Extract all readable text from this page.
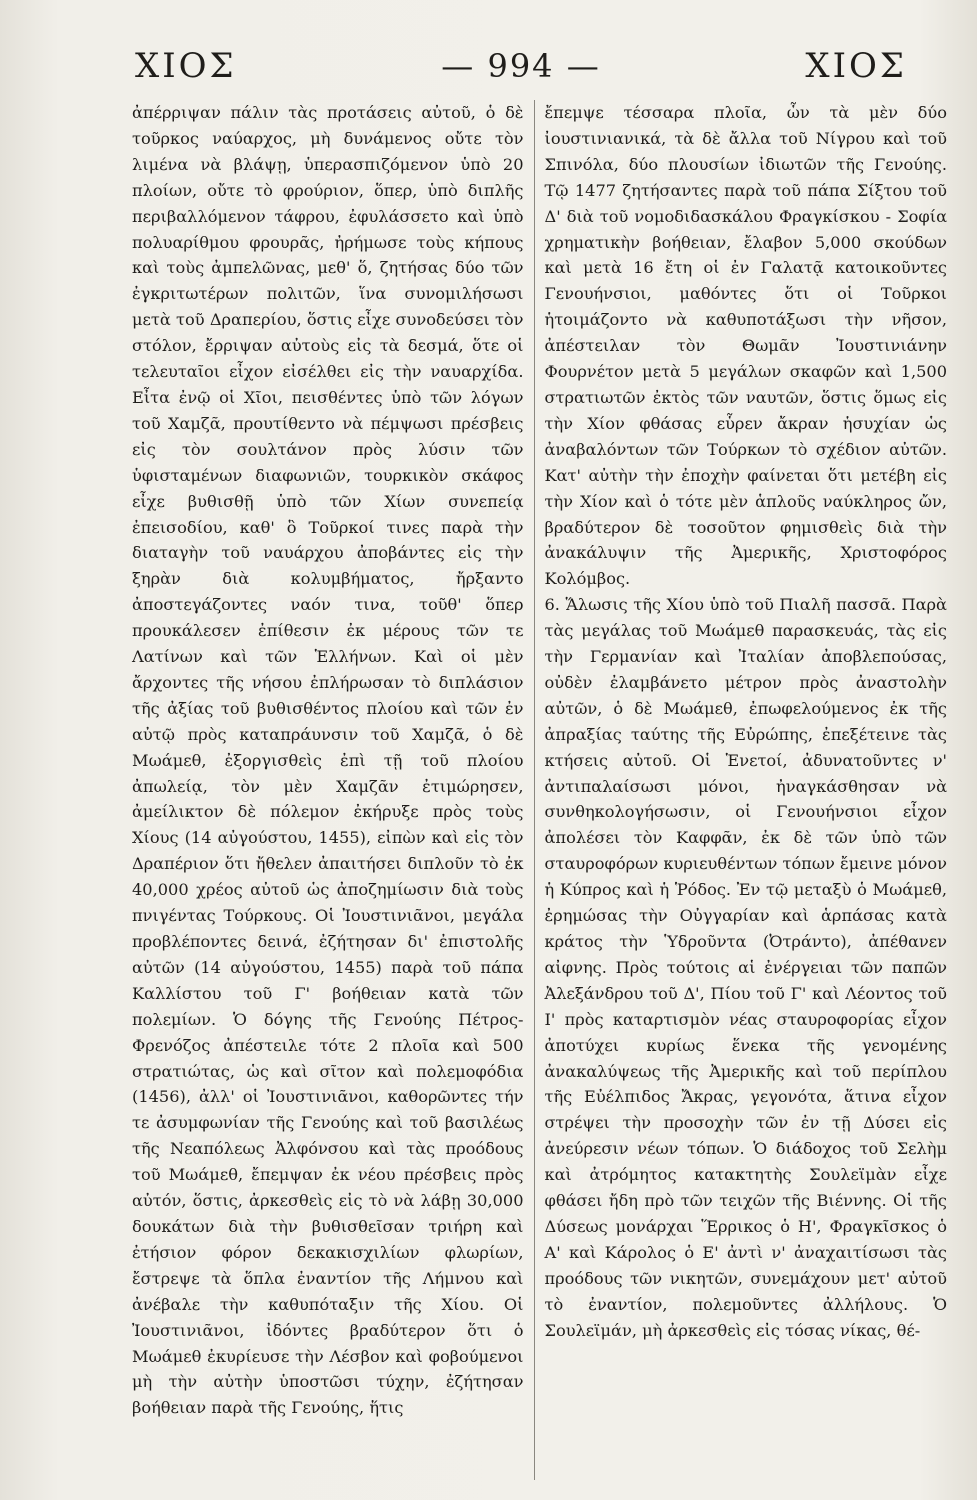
ΧΙΟΣ	— 994 —	ΧΙΟΣ

ἀπέρριψαν πάλιν τὰς προτάσεις αὐτοῦ, ὁ δὲ τοῦρκος ναύαρχος, μὴ δυνάμενος οὔτε τὸν λιμένα νὰ βλάψῃ, ὑπερασπιζόμενον ὑπὸ 20 πλοίων, οὔτε τὸ φρούριον, ὅπερ, ὑπὸ διπλῆς περιβαλλόμενον τάφρου, ἐφυλάσσετο καὶ ὑπὸ πολυαρίθμου φρουρᾶς, ἠρήμωσε τοὺς κήπους καὶ τοὺς ἀμπελῶνας, μεθ' ὅ, ζητήσας δύο τῶν ἐγκριτωτέρων πολιτῶν, ἵνα συνομιλήσωσι μετὰ τοῦ Δραπερίου, ὅστις εἶχε συνοδεύσει τὸν στόλον, ἔρριψαν αὐτοὺς εἰς τὰ δεσμά, ὅτε οἱ τελευταῖοι εἶχον εἰσέλθει εἰς τὴν ναυαρχίδα. Εἶτα ἐνῷ οἱ Χῖοι, πεισθέντες ὑπὸ τῶν λόγων τοῦ Χαμζᾶ, προυτίθεντο νὰ πέμψωσι πρέσβεις εἰς τὸν σουλτάνον πρὸς λύσιν τῶν ὑφισταμένων διαφωνιῶν, τουρκικὸν σκάφος εἶχε βυθισθῇ ὑπὸ τῶν Χίων συνεπείᾳ ἐπεισοδίου, καθ' ὃ Τοῦρκοί τινες παρὰ τὴν διαταγὴν τοῦ ναυάρχου ἀποβάντες εἰς τὴν ξηρὰν διὰ κολυμβήματος, ἤρξαντο ἀποστεγάζοντες ναόν τινα, τοῦθ' ὅπερ προυκάλεσεν ἐπίθεσιν ἐκ μέρους τῶν τε Λατίνων καὶ τῶν Ἑλλήνων. Καὶ οἱ μὲν ἄρχοντες τῆς νήσου ἐπλήρωσαν τὸ διπλάσιον τῆς ἀξίας τοῦ βυθισθέντος πλοίου καὶ τῶν ἐν αὐτῷ πρὸς καταπράυνσιν τοῦ Χαμζᾶ, ὁ δὲ Μωάμεθ, ἐξοργισθεὶς ἐπὶ τῇ τοῦ πλοίου ἀπωλείᾳ, τὸν μὲν Χαμζᾶν ἐτιμώρησεν, ἀμείλικτον δὲ πόλεμον ἐκήρυξε πρὸς τοὺς Χίους (14 αὐγούστου, 1455), εἰπὼν καὶ εἰς τὸν Δραπέριον ὅτι ἤθελεν ἀπαιτήσει διπλοῦν τὸ ἐκ 40,000 χρέος αὐτοῦ ὡς ἀποζημίωσιν διὰ τοὺς πνιγέντας Τούρκους. Οἱ Ἰουστινιᾶνοι, μεγάλα προβλέποντες δεινά, ἐζήτησαν δι' ἐπιστολῆς αὐτῶν (14 αὐγούστου, 1455) παρὰ τοῦ πάπα Καλλίστου τοῦ Γ' βοήθειαν κατὰ τῶν πολεμίων. Ὁ δόγης τῆς Γενούης Πέτρος-Φρενόζος ἀπέστειλε τότε 2 πλοῖα καὶ 500 στρατιώτας, ὡς καὶ σῖτον καὶ πολεμοφόδια (1456), ἀλλ' οἱ Ἰουστινιᾶνοι, καθορῶντες τήν τε ἀσυμφωνίαν τῆς Γενούης καὶ τοῦ βασιλέως τῆς Νεαπόλεως Ἀλφόνσου καὶ τὰς προόδους τοῦ Μωάμεθ, ἔπεμψαν ἐκ νέου πρέσβεις πρὸς αὐτόν, ὅστις, ἀρκεσθεὶς εἰς τὸ νὰ λάβῃ 30,000 δουκάτων διὰ τὴν βυθισθεῖσαν τριήρη καὶ ἐτήσιον φόρον δεκακισχιλίων φλωρίων, ἔστρεψε τὰ ὅπλα ἐναντίον τῆς Λήμνου καὶ ἀνέβαλε τὴν καθυπόταξιν τῆς Χίου. Οἱ Ἰουστινιᾶνοι, ἰδόντες βραδύτερον ὅτι ὁ Μωάμεθ ἐκυρίευσε τὴν Λέσβον καὶ φοβούμενοι μὴ τὴν αὐτὴν ὑποστῶσι τύχην, ἐζήτησαν βοήθειαν παρὰ τῆς Γενούης, ἥτις

ἔπεμψε τέσσαρα πλοῖα, ὧν τὰ μὲν δύο ἰουστινιανικά, τὰ δὲ ἄλλα τοῦ Νίγρου καὶ τοῦ Σπινόλα, δύο πλουσίων ἰδιωτῶν τῆς Γενούης. Τῷ 1477 ζητήσαντες παρὰ τοῦ πάπα Σίξτου τοῦ Δ' διὰ τοῦ νομοδιδασκάλου Φραγκίσκου - Σοφία χρηματικὴν βοήθειαν, ἔλαβον 5,000 σκούδων καὶ μετὰ 16 ἔτη οἱ ἐν Γαλατᾷ κατοικοῦντες Γενουήνσιοι, μαθόντες ὅτι οἱ Τοῦρκοι ἡτοιμάζοντο νὰ καθυποτάξωσι τὴν νῆσον, ἀπέστειλαν τὸν Θωμᾶν Ἰουστινιάνην Φουρνέτον μετὰ 5 μεγάλων σκαφῶν καὶ 1,500 στρατιωτῶν ἐκτὸς τῶν ναυτῶν, ὅστις ὅμως εἰς τὴν Χίον φθάσας εὗρεν ἄκραν ἡσυχίαν ὡς ἀναβαλόντων τῶν Τούρκων τὸ σχέδιον αὐτῶν. Κατ' αὐτὴν τὴν ἐποχὴν φαίνεται ὅτι μετέβη εἰς τὴν Χίον καὶ ὁ τότε μὲν ἁπλοῦς ναύκληρος ὤν, βραδύτερον δὲ τοσοῦτον φημισθεὶς διὰ τὴν ἀνακάλυψιν τῆς Ἀμερικῆς, Χριστοφόρος Κολόμβος.
6. Ἅλωσις τῆς Χίου ὑπὸ τοῦ Πιαλῆ πασσᾶ. Παρὰ τὰς μεγάλας τοῦ Μωάμεθ παρασκευάς, τὰς εἰς τὴν Γερμανίαν καὶ Ἰταλίαν ἀποβλεπούσας, οὐδὲν ἐλαμβάνετο μέτρον πρὸς ἀναστολὴν αὐτῶν, ὁ δὲ Μωάμεθ, ἐπωφελούμενος ἐκ τῆς ἀπραξίας ταύτης τῆς Εὐρώπης, ἐπεξέτεινε τὰς κτήσεις αὐτοῦ. Οἱ Ἑνετοί, ἀδυνατοῦντες ν' ἀντιπαλαίσωσι μόνοι, ἠναγκάσθησαν νὰ συνθηκολογήσωσιν, οἱ Γενουήνσιοι εἶχον ἀπολέσει τὸν Καφφᾶν, ἐκ δὲ τῶν ὑπὸ τῶν σταυροφόρων κυριευθέντων τόπων ἔμεινε μόνον ἡ Κύπρος καὶ ἡ Ῥόδος. Ἐν τῷ μεταξὺ ὁ Μωάμεθ, ἐρημώσας τὴν Οὐγγαρίαν καὶ ἁρπάσας κατὰ κράτος τὴν Ὑδροῦντα (Ὀτράντο), ἀπέθανεν αἰφνης. Πρὸς τούτοις αἱ ἐνέργειαι τῶν παπῶν Ἀλεξάνδρου τοῦ Δ', Πίου τοῦ Γ' καὶ Λέοντος τοῦ Ι' πρὸς καταρτισμὸν νέας σταυροφορίας εἶχον ἀποτύχει κυρίως ἕνεκα τῆς γενομένης ἀνακαλύψεως τῆς Ἀμερικῆς καὶ τοῦ περίπλου τῆς Εὐέλπιδος Ἄκρας, γεγονότα, ἅτινα εἶχον στρέψει τὴν προσοχὴν τῶν ἐν τῇ Δύσει εἰς ἀνεύρεσιν νέων τόπων. Ὁ διάδοχος τοῦ Σελὴμ καὶ ἀτρόμητος κατακτητὴς Σουλεϊμὰν εἶχε φθάσει ἤδη πρὸ τῶν τειχῶν τῆς Βιέννης. Οἱ τῆς Δύσεως μονάρχαι Ἕρρικος ὁ Η', Φραγκῖσκος ὁ Α' καὶ Κάρολος ὁ Ε' ἀντὶ ν' ἀναχαιτίσωσι τὰς προόδους τῶν νικητῶν, συνεμάχουν μετ' αὐτοῦ τὸ ἐναντίον, πολεμοῦντες ἀλλήλους. Ὁ Σουλεϊμάν, μὴ ἀρκεσθεὶς εἰς τόσας νίκας, θέ-
